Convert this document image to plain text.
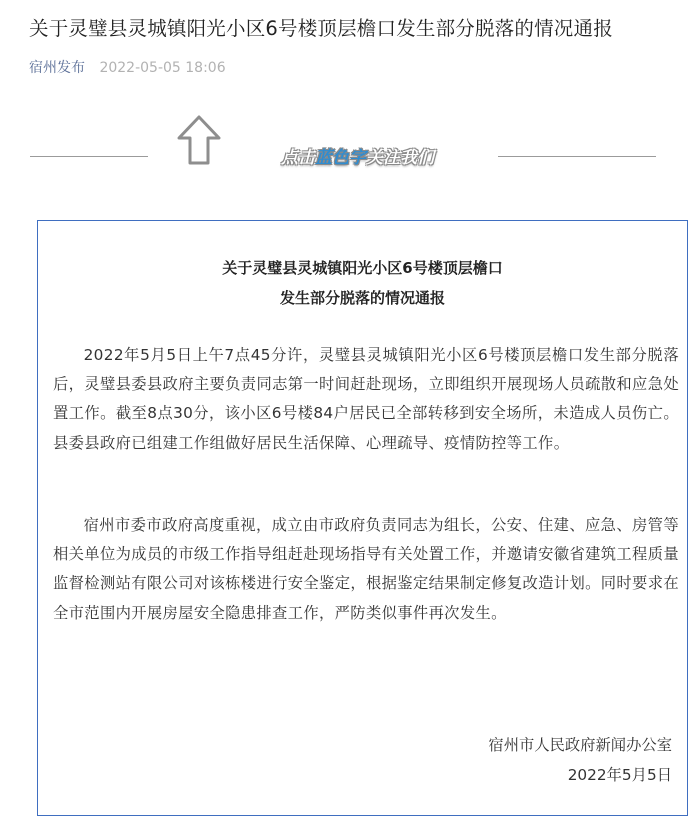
关于灵璧县灵城镇阳光小区6号楼顶层檐口发生部分脱落的情况通报
宿州发布 2022-05-05 18:06
点击蓝色字关注我们
关于灵璧县灵城镇阳光小区6号楼顶层檐口
发生部分脱落的情况通报

2022年5月5日上午7点45分许，灵璧县灵城镇阳光小区6号楼顶层檐口发生部分脱落后，灵璧县委县政府主要负责同志第一时间赶赴现场，立即组织开展现场人员疏散和应急处置工作。截至8点30分，该小区6号楼84户居民已全部转移到安全场所，未造成人员伤亡。县委县政府已组建工作组做好居民生活保障、心理疏导、疫情防控等工作。

宿州市委市政府高度重视，成立由市政府负责同志为组长，公安、住建、应急、房管等相关单位为成员的市级工作指导组赶赴现场指导有关处置工作，并邀请安徽省建筑工程质量监督检测站有限公司对该栋楼进行安全鉴定，根据鉴定结果制定修复改造计划。同时要求在全市范围内开展房屋安全隐患排查工作，严防类似事件再次发生。

宿州市人民政府新闻办公室
2022年5月5日
